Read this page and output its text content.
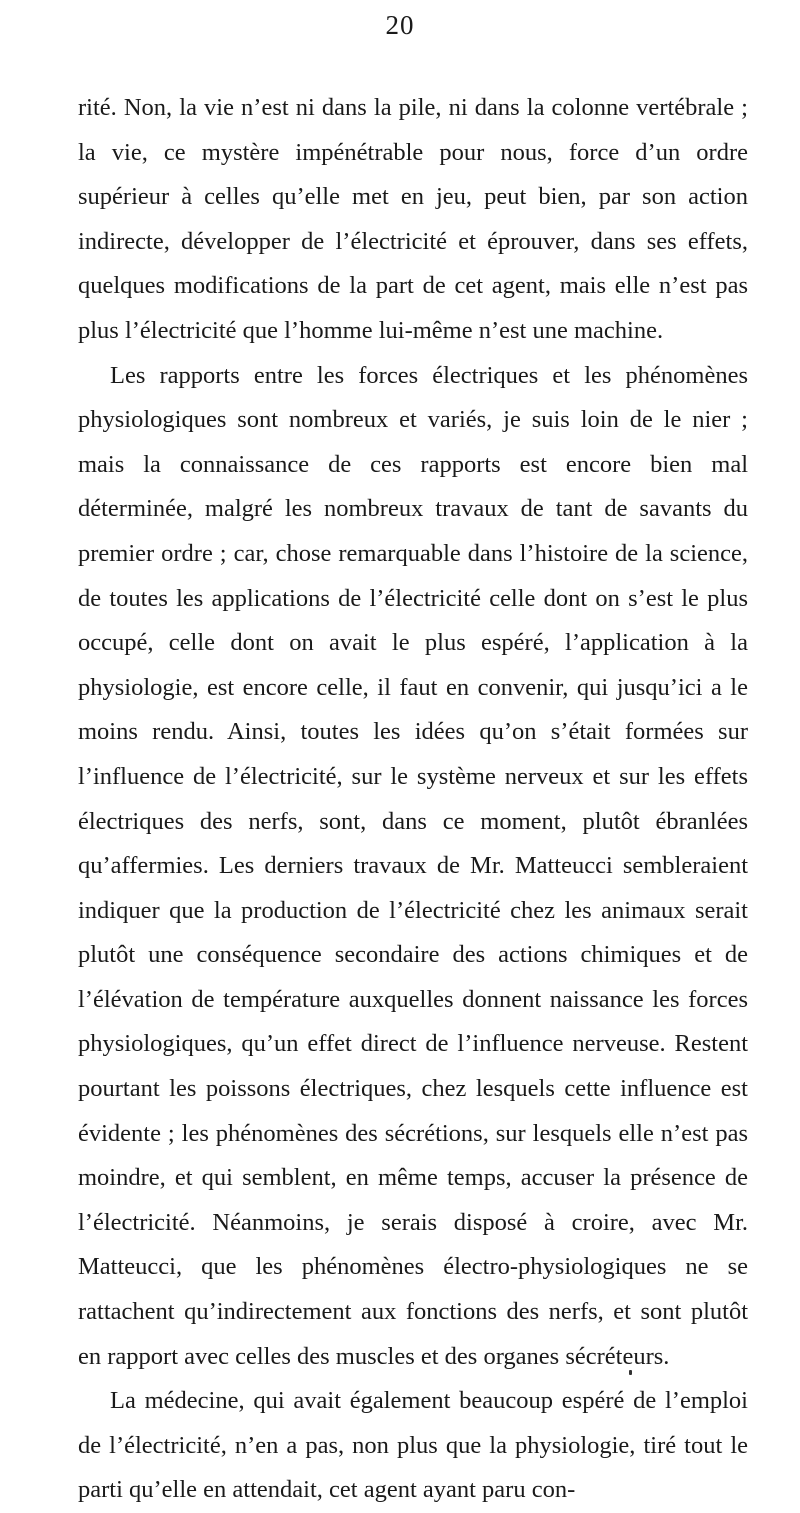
20

rité. Non, la vie n’est ni dans la pile, ni dans la colonne vertébrale ; la vie, ce mystère impénétrable pour nous, force d’un ordre supérieur à celles qu’elle met en jeu, peut bien, par son action indirecte, développer de l’électricité et éprouver, dans ses effets, quelques modifications de la part de cet agent, mais elle n’est pas plus l’électricité que l’homme lui-même n’est une machine.

Les rapports entre les forces électriques et les phénomènes physiologiques sont nombreux et variés, je suis loin de le nier ; mais la connaissance de ces rapports est encore bien mal déterminée, malgré les nombreux travaux de tant de savants du premier ordre ; car, chose remarquable dans l’histoire de la science, de toutes les applications de l’électricité celle dont on s’est le plus occupé, celle dont on avait le plus espéré, l’application à la physiologie, est encore celle, il faut en convenir, qui jusqu’ici a le moins rendu. Ainsi, toutes les idées qu’on s’était formées sur l’influence de l’électricité, sur le système nerveux et sur les effets électriques des nerfs, sont, dans ce moment, plutôt ébranlées qu’affermies. Les derniers travaux de Mr. Matteucci sembleraient indiquer que la production de l’électricité chez les animaux serait plutôt une conséquence secondaire des actions chimiques et de l’élévation de température auxquelles donnent naissance les forces physiologiques, qu’un effet direct de l’influence nerveuse. Restent pourtant les poissons électriques, chez lesquels cette influence est évidente ; les phénomènes des sécrétions, sur lesquels elle n’est pas moindre, et qui semblent, en même temps, accuser la présence de l’électricité. Néanmoins, je serais disposé à croire, avec Mr. Matteucci, que les phénomènes électro-physiologiques ne se rattachent qu’indirectement aux fonctions des nerfs, et sont plutôt en rapport avec celles des muscles et des organes sécréteurs.

La médecine, qui avait également beaucoup espéré de l’emploi de l’électricité, n’en a pas, non plus que la physiologie, tiré tout le parti qu’elle en attendait, cet agent ayant paru con-
